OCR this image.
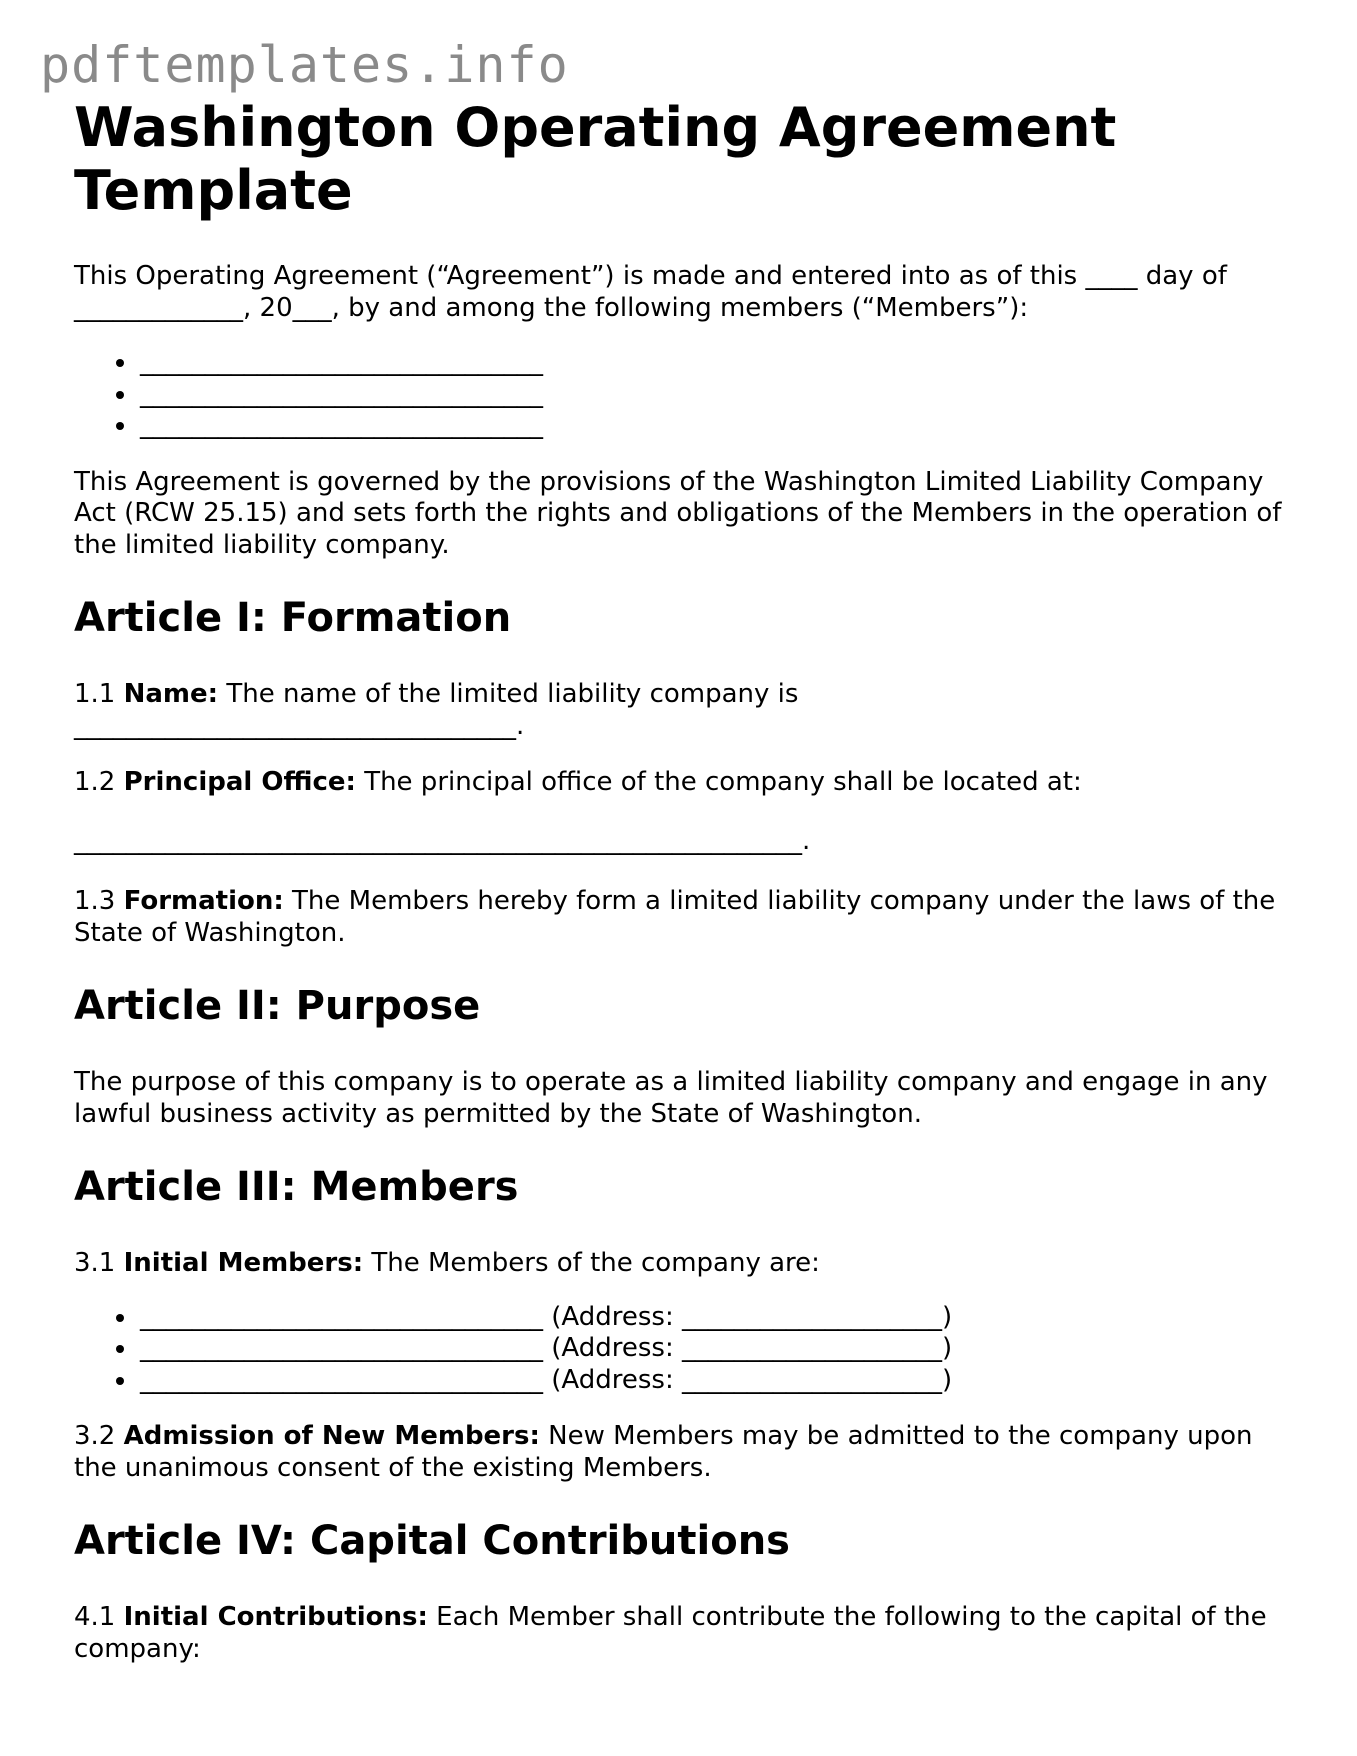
pdftemplates.info
Washington Operating Agreement
Template

This Operating Agreement (“Agreement”) is made and entered into as of this ____ day of
_____________, 20___, by and among the following members (“Members”):

• _______________________________
• _______________________________
• _______________________________

This Agreement is governed by the provisions of the Washington Limited Liability Company Act (RCW 25.15) and sets forth the rights and obligations of the Members in the operation of the limited liability company.

Article I: Formation

1.1 Name: The name of the limited liability company is
__________________________________.

1.2 Principal Office: The principal office of the company shall be located at:

________________________________________________________.

1.3 Formation: The Members hereby form a limited liability company under the laws of the State of Washington.

Article II: Purpose

The purpose of this company is to operate as a limited liability company and engage in any lawful business activity as permitted by the State of Washington.

Article III: Members

3.1 Initial Members: The Members of the company are:

• _______________________________ (Address: ____________________)
• _______________________________ (Address: ____________________)
• _______________________________ (Address: ____________________)

3.2 Admission of New Members: New Members may be admitted to the company upon the unanimous consent of the existing Members.

Article IV: Capital Contributions

4.1 Initial Contributions: Each Member shall contribute the following to the capital of the company:
